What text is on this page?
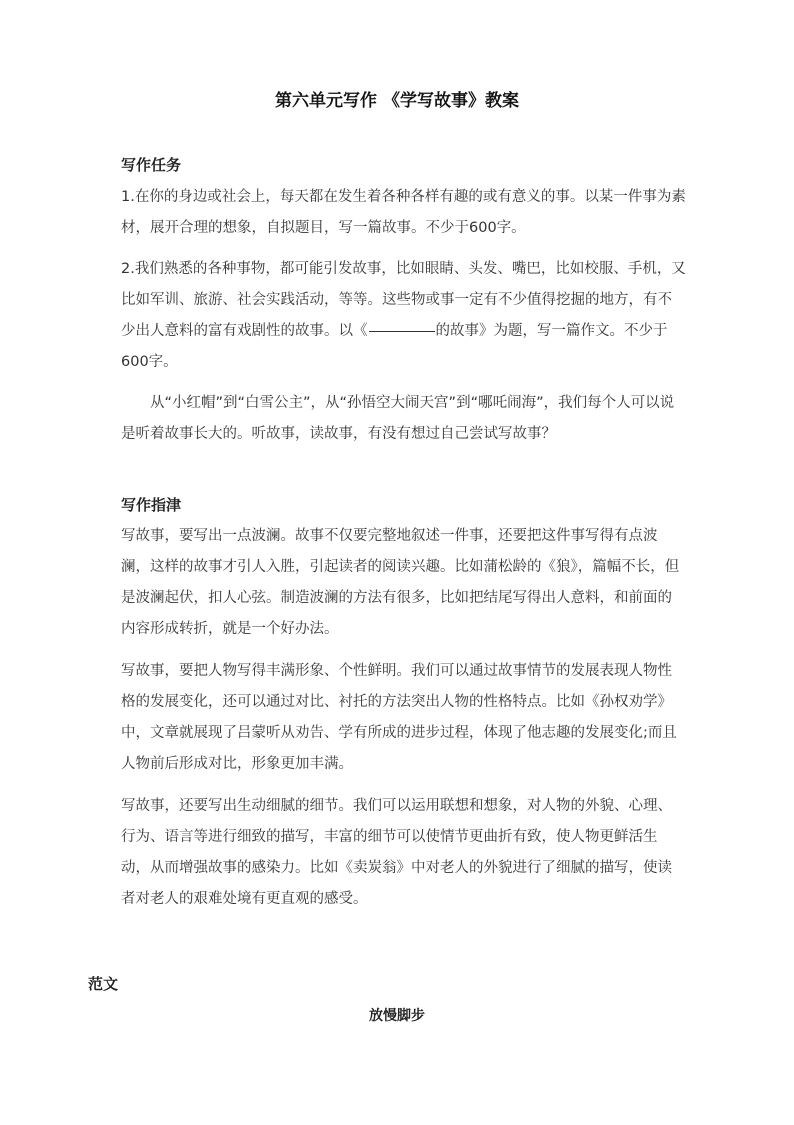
第六单元写作 《学写故事》教案
写作任务
1.在你的身边或社会上，每天都在发生着各种各样有趣的或有意义的事。以某一件事为素材，展开合理的想象，自拟题目，写一篇故事。不少于600字。
2.我们熟悉的各种事物，都可能引发故事，比如眼睛、头发、嘴巴，比如校服、手机，又比如军训、旅游、社会实践活动，等等。这些物或事一定有不少值得挖掘的地方，有不少出人意料的富有戏剧性的故事。以《	的故事》为题，写一篇作文。不少于600字。
从“小红帽”到“白雪公主”，从“孙悟空大闹天宫”到“哪吒闹海”，我们每个人可以说是听着故事长大的。听故事，读故事，有没有想过自己尝试写故事？
写作指津
写故事，要写出一点波澜。故事不仅要完整地叙述一件事，还要把这件事写得有点波澜，这样的故事才引人入胜，引起读者的阅读兴趣。比如蒲松龄的《狼》，篇幅不长，但是波澜起伏，扣人心弦。制造波澜的方法有很多，比如把结尾写得出人意料，和前面的内容形成转折，就是一个好办法。
写故事，要把人物写得丰满形象、个性鲜明。我们可以通过故事情节的发展表现人物性格的发展变化，还可以通过对比、衬托的方法突出人物的性格特点。比如《孙权劝学》中，文章就展现了吕蒙听从劝告、学有所成的进步过程，体现了他志趣的发展变化;而且人物前后形成对比，形象更加丰满。
写故事，还要写出生动细腻的细节。我们可以运用联想和想象，对人物的外貌、心理、行为、语言等进行细致的描写，丰富的细节可以使情节更曲折有致，使人物更鲜活生动，从而增强故事的感染力。比如《卖炭翁》中对老人的外貌进行了细腻的描写，使读者对老人的艰难处境有更直观的感受。
范文
放慢脚步
